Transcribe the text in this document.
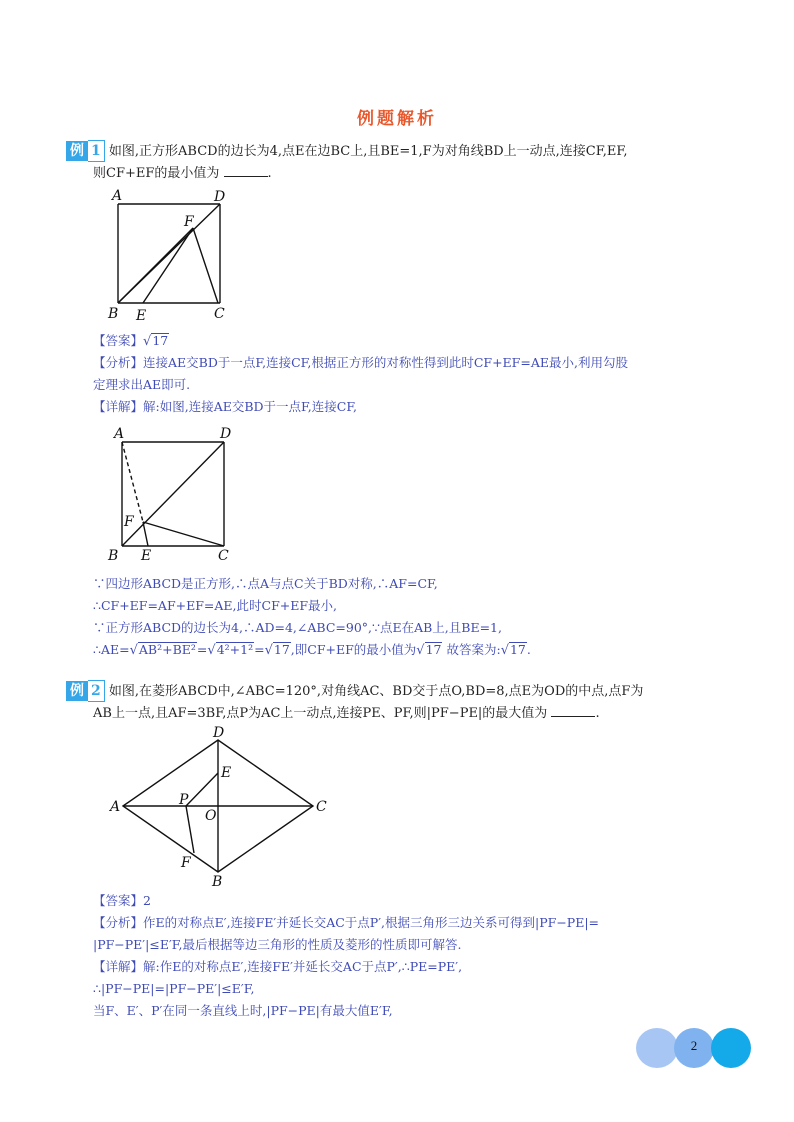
例题解析
例 1 如图,正方形ABCD的边长为4,点E在边BC上,且BE=1,F为对角线BD上一动点,连接CF,EF,
则CF+EF的最小值为	.
A	D
F
B E	C
【答案】√17
【分析】连接AE交BD于一点F,连接CF,根据正方形的对称性得到此时CF+EF=AE最小,利用勾股
定理求出AE即可.
【详解】解:如图,连接AE交BD于一点F,连接CF,
A	D
F
B E	C
∵四边形ABCD是正方形,∴点A与点C关于BD对称,∴AF=CF,
∴CF+EF=AF+EF=AE,此时CF+EF最小,
∵正方形ABCD的边长为4,∴AD=4,∠ABC=90°,∵点E在AB上,且BE=1,
∴AE=√AB²+BE²=√4²+1²=√17,即CF+EF的最小值为√17 故答案为:√17.
例 2 如图,在菱形ABCD中,∠ABC=120°,对角线AC、BD交于点O,BD=8,点E为OD的中点,点F为
AB上一点,且AF=3BF,点P为AC上一动点,连接PE、PF,则|PF−PE|的最大值为	.
D
E
A	P
O
C
F
B
【答案】2
【分析】作E的对称点E′,连接FE′并延长交AC于点P′,根据三角形三边关系可得到|PF−PE|=
|PF−PE′|≤E′F,最后根据等边三角形的性质及菱形的性质即可解答.
【详解】解:作E的对称点E′,连接FE′并延长交AC于点P′,∴PE=PE′,
∴|PF−PE|=|PF−PE′|≤E′F,
当F、E′、P′在同一条直线上时,|PF−PE|有最大值E′F,
2
